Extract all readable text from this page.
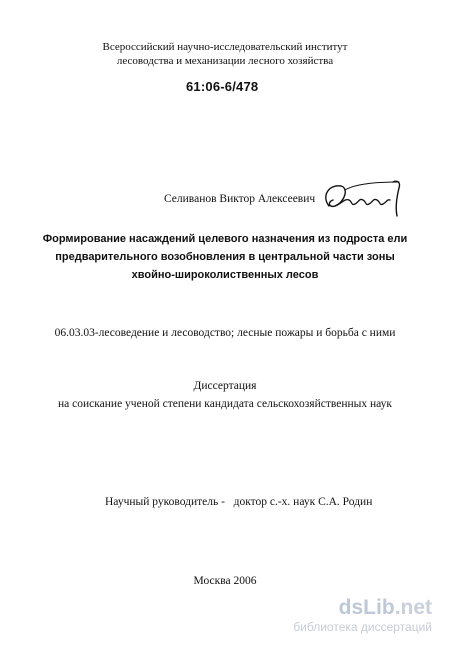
Всероссийский научно-исследовательский институт
лесоводства и механизации лесного хозяйства
61:06-6/478
Селиванов Виктор Алексеевич
Формирование насаждений целевого назначения из подроста ели
предварительного возобновления в центральной части зоны
хвойно-широколиственных лесов
06.03.03-лесоведение и лесоводство; лесные пожары и борьба с ними
Диссертация
на соискание ученой степени кандидата сельскохозяйственных наук
Научный руководитель -   доктор с.-х. наук С.А. Родин
Москва 2006
dsLib.net
библиотека диссертаций
